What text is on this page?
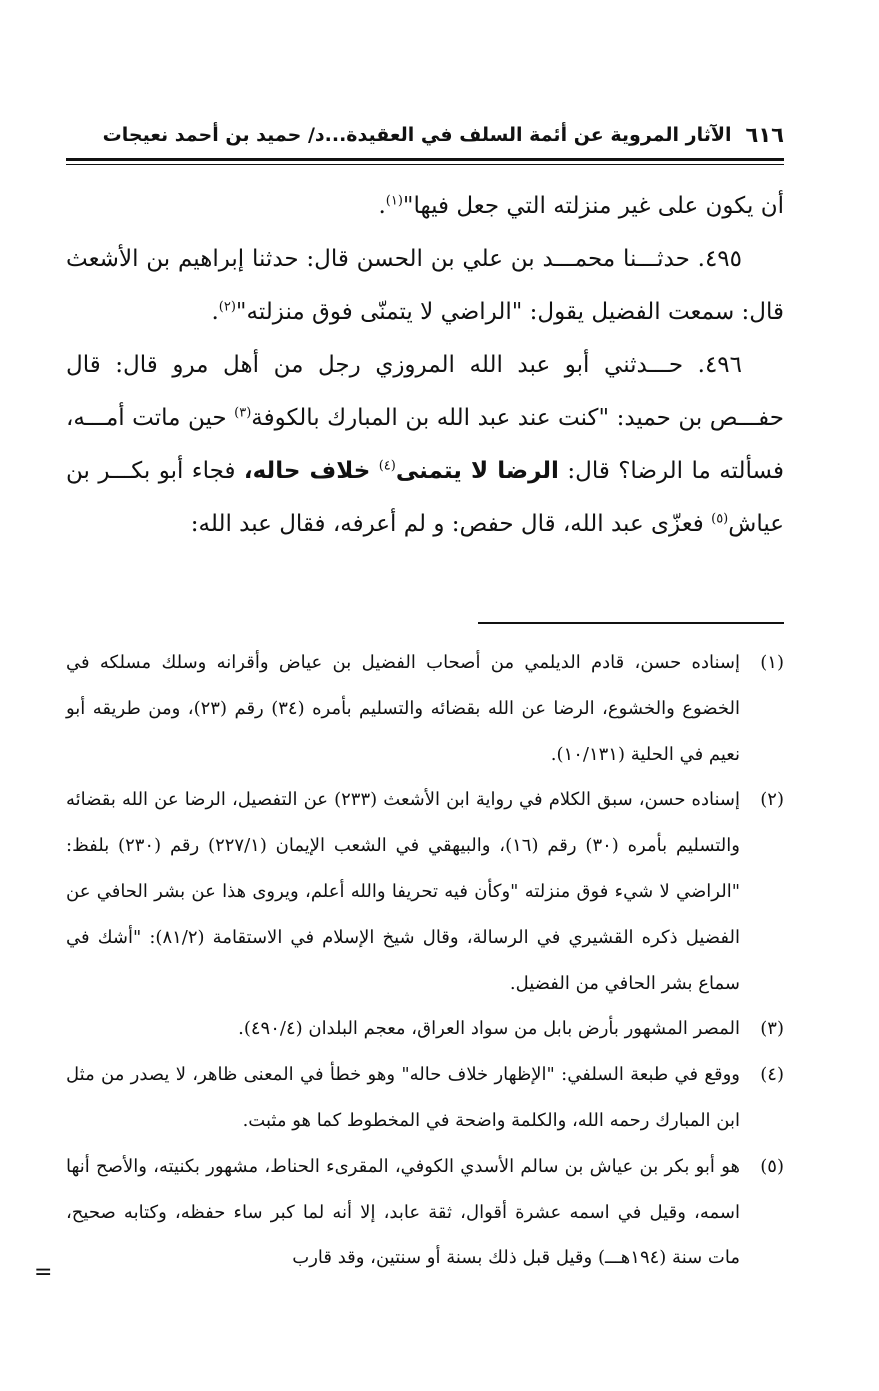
٦١٦
الآثار المروية عن أئمة السلف في العقيدة...د/ حميد بن أحمد نعيجات

أن يكون على غير منزلته التي جعل فيها"$^{(١)}$.

٤٩٥. حدثـــنا محمـــد بن علي بن الحسن قال: حدثنا إبراهيم بن الأشعث قال: سمعت الفضيل يقول: "الراضي لا يتمنّى فوق منزلته"$^{(٢)}$.

٤٩٦. حـــدثني أبو عبد الله المروزي رجل من أهل مرو قال: قال حفـــص بن حميد: "كنت عند عبد الله بن المبارك بالكوفة$^{(٣)}$ حين ماتت أمـــه، فسألته ما الرضا؟ قال: الرضا لا يتمنى$^{(٤)}$ خلاف حاله، فجاء أبو بكـــر بن عياش$^{(٥)}$ فعزّى عبد الله، قال حفص: و لم أعرفه، فقال عبد الله:

(١)
إسناده حسن، قادم الديلمي من أصحاب الفضيل بن عياض وأقرانه وسلك مسلكه في الخضوع والخشوع، الرضا عن الله بقضائه والتسليم بأمره (٣٤) رقم (٢٣)، ومن طريقه أبو نعيم في الحلية (١٠/١٣١).
(٢)
إسناده حسن، سبق الكلام في رواية ابن الأشعث (٢٣٣) عن التفصيل، الرضا عن الله بقضائه والتسليم بأمره (٣٠) رقم (١٦)، والبيهقي في الشعب الإيمان (٢٢٧/١) رقم (٢٣٠) بلفظ: "الراضي لا شيء فوق منزلته "وكأن فيه تحريفا والله أعلم، ويروى هذا عن بشر الحافي عن الفضيل ذكره القشيري في الرسالة، وقال شيخ الإسلام في الاستقامة (٨١/٢): "أشك في سماع بشر الحافي من الفضيل.
(٣)
المصر المشهور بأرض بابل من سواد العراق، معجم البلدان (٤٩٠/٤).
(٤)
ووقع في طبعة السلفي: "الإظهار خلاف حاله" وهو خطأ في المعنى ظاهر، لا يصدر من مثل ابن المبارك رحمه الله، والكلمة واضحة في المخطوط كما هو مثبت.
(٥)
هو أبو بكر بن عياش بن سالم الأسدي الكوفي، المقرىء الحناط، مشهور بكنيته، والأصح أنها اسمه، وقيل في اسمه عشرة أقوال، ثقة عابد، إلا أنه لما كبر ساء حفظه، وكتابه صحيح، مات سنة (١٩٤هـــ) وقيل قبل ذلك بسنة أو سنتين، وقد قارب
=
